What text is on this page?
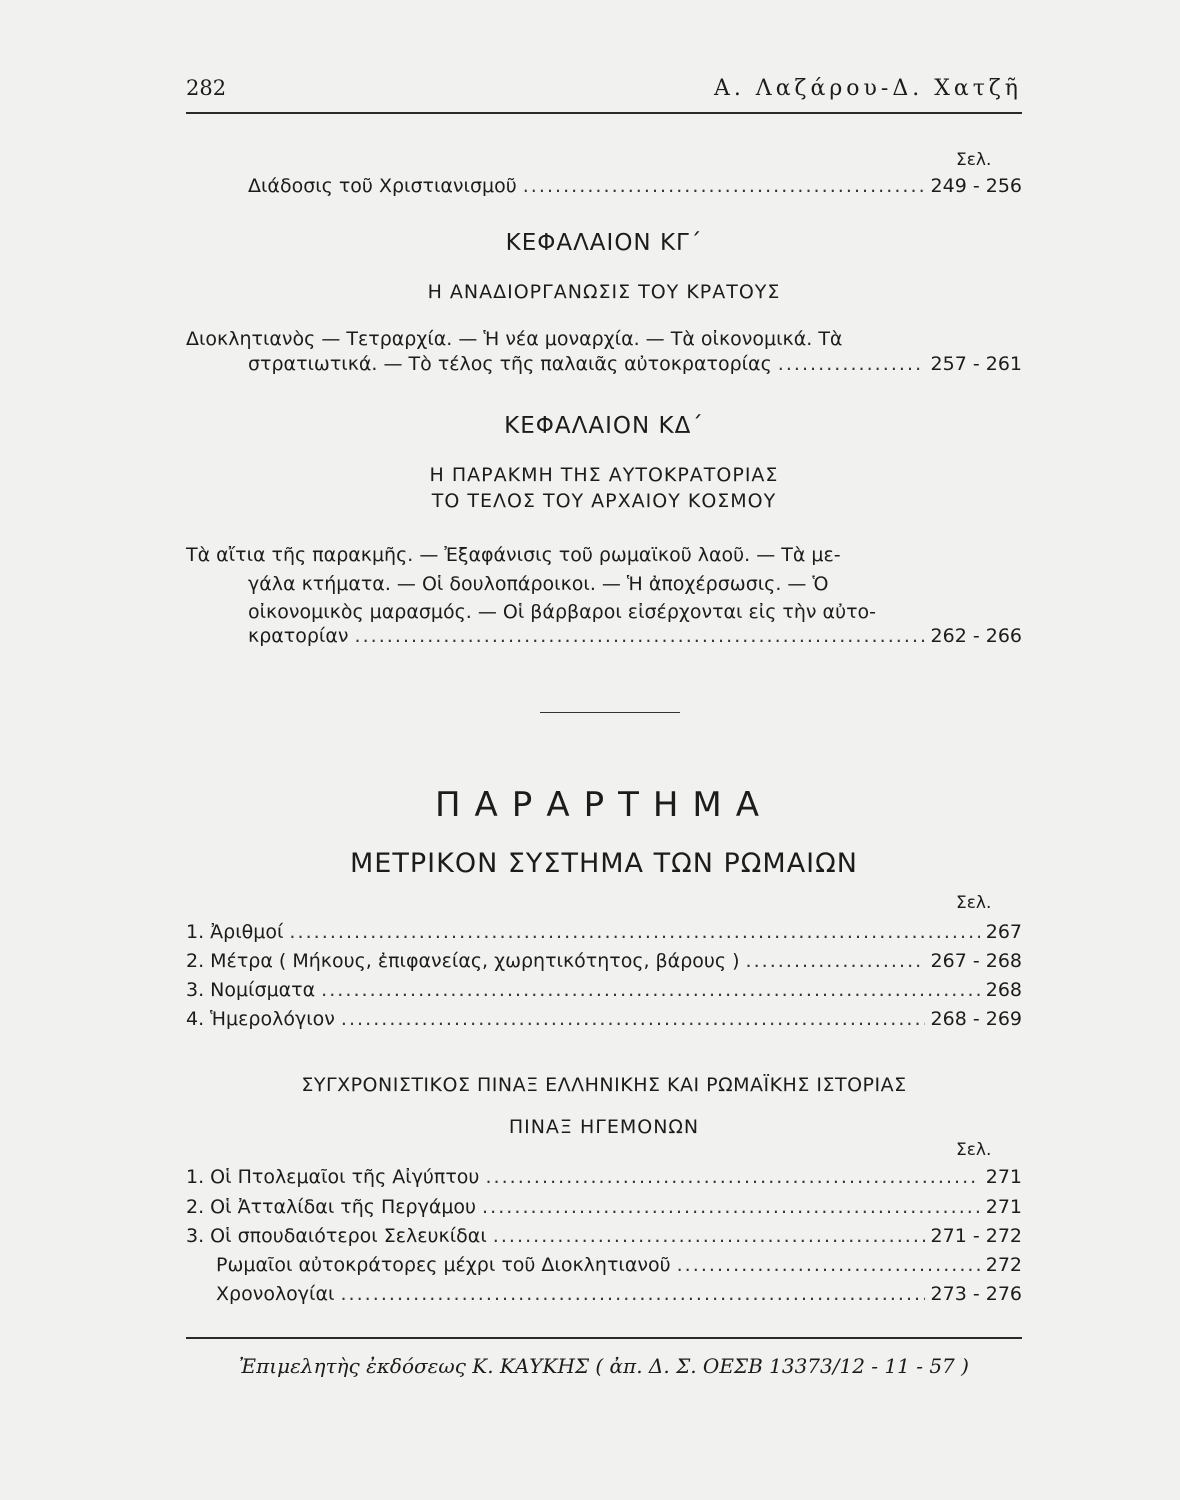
282	Α. Λαζάρου-Δ. Χατζῆ
Σελ.
Διάδοσις τοῦ Χριστιανισμοῦ . . .	249 - 256
ΚΕΦΑΛΑΙΟΝ ΚΓ΄
Η ΑΝΑΔΙΟΡΓΑΝΩΣΙΣ ΤΟΥ ΚΡΑΤΟΥΣ
Διοκλητιανὸς — Τετραρχία. — Ἡ νέα μοναρχία. — Τὰ οἰκονομικά. Τὰ
στρατιωτικά. — Τὸ τέλος τῆς παλαιᾶς αὐτοκρατορίας . . .	257 - 261
ΚΕΦΑΛΑΙΟΝ ΚΔ΄
Η ΠΑΡΑΚΜΗ ΤΗΣ ΑΥΤΟΚΡΑΤΟΡΙΑΣ
ΤΟ ΤΕΛΟΣ ΤΟΥ ΑΡΧΑΙΟΥ ΚΟΣΜΟΥ
Τὰ αἴτια τῆς παρακμῆς. — Ἐξαφάνισις τοῦ ρωμαϊκοῦ λαοῦ. — Τὰ με-
γάλα κτήματα. — Οἱ δουλοπάροικοι. — Ἡ ἀποχέρσωσις. — Ὁ
οἰκονομικὸς μαρασμός. — Οἱ βάρβαροι εἰσέρχονται εἰς τὴν αὐτο-
κρατορίαν . . .	262 - 266
ΠΑΡΑΡΤΗΜΑ
ΜΕΤΡΙΚΟΝ ΣΥΣΤΗΜΑ ΤΩΝ ΡΩΜΑΙΩΝ
Σελ.
1. Ἀριθμοί . . .	267
2. Μέτρα ( Μήκους, ἐπιφανείας, χωρητικότητος, βάρους ) . . .	267 - 268
3. Νομίσματα . . .	268
4. Ἡμερολόγιον . . .	268 - 269
ΣΥΓΧΡΟΝΙΣΤΙΚΟΣ ΠΙΝΑΞ ΕΛΛΗΝΙΚΗΣ ΚΑΙ ΡΩΜΑΪΚΗΣ ΙΣΤΟΡΙΑΣ
ΠΙΝΑΞ ΗΓΕΜΟΝΩΝ
Σελ.
1. Οἱ Πτολεμαῖοι τῆς Αἰγύπτου . . .	271
2. Οἱ Ἀτταλίδαι τῆς Περγάμου . . .	271
3. Οἱ σπουδαιότεροι Σελευκίδαι . . .	271 - 272
Ρωμαῖοι αὐτοκράτορες μέχρι τοῦ Διοκλητιανοῦ . . .	272
Χρονολογίαι . . .	273 - 276
Ἐπιμελητὴς ἐκδόσεως Κ. ΚΑΥΚΗΣ ( ἀπ. Δ. Σ. ΟΕΣΒ 13373/12 - 11 - 57 )
